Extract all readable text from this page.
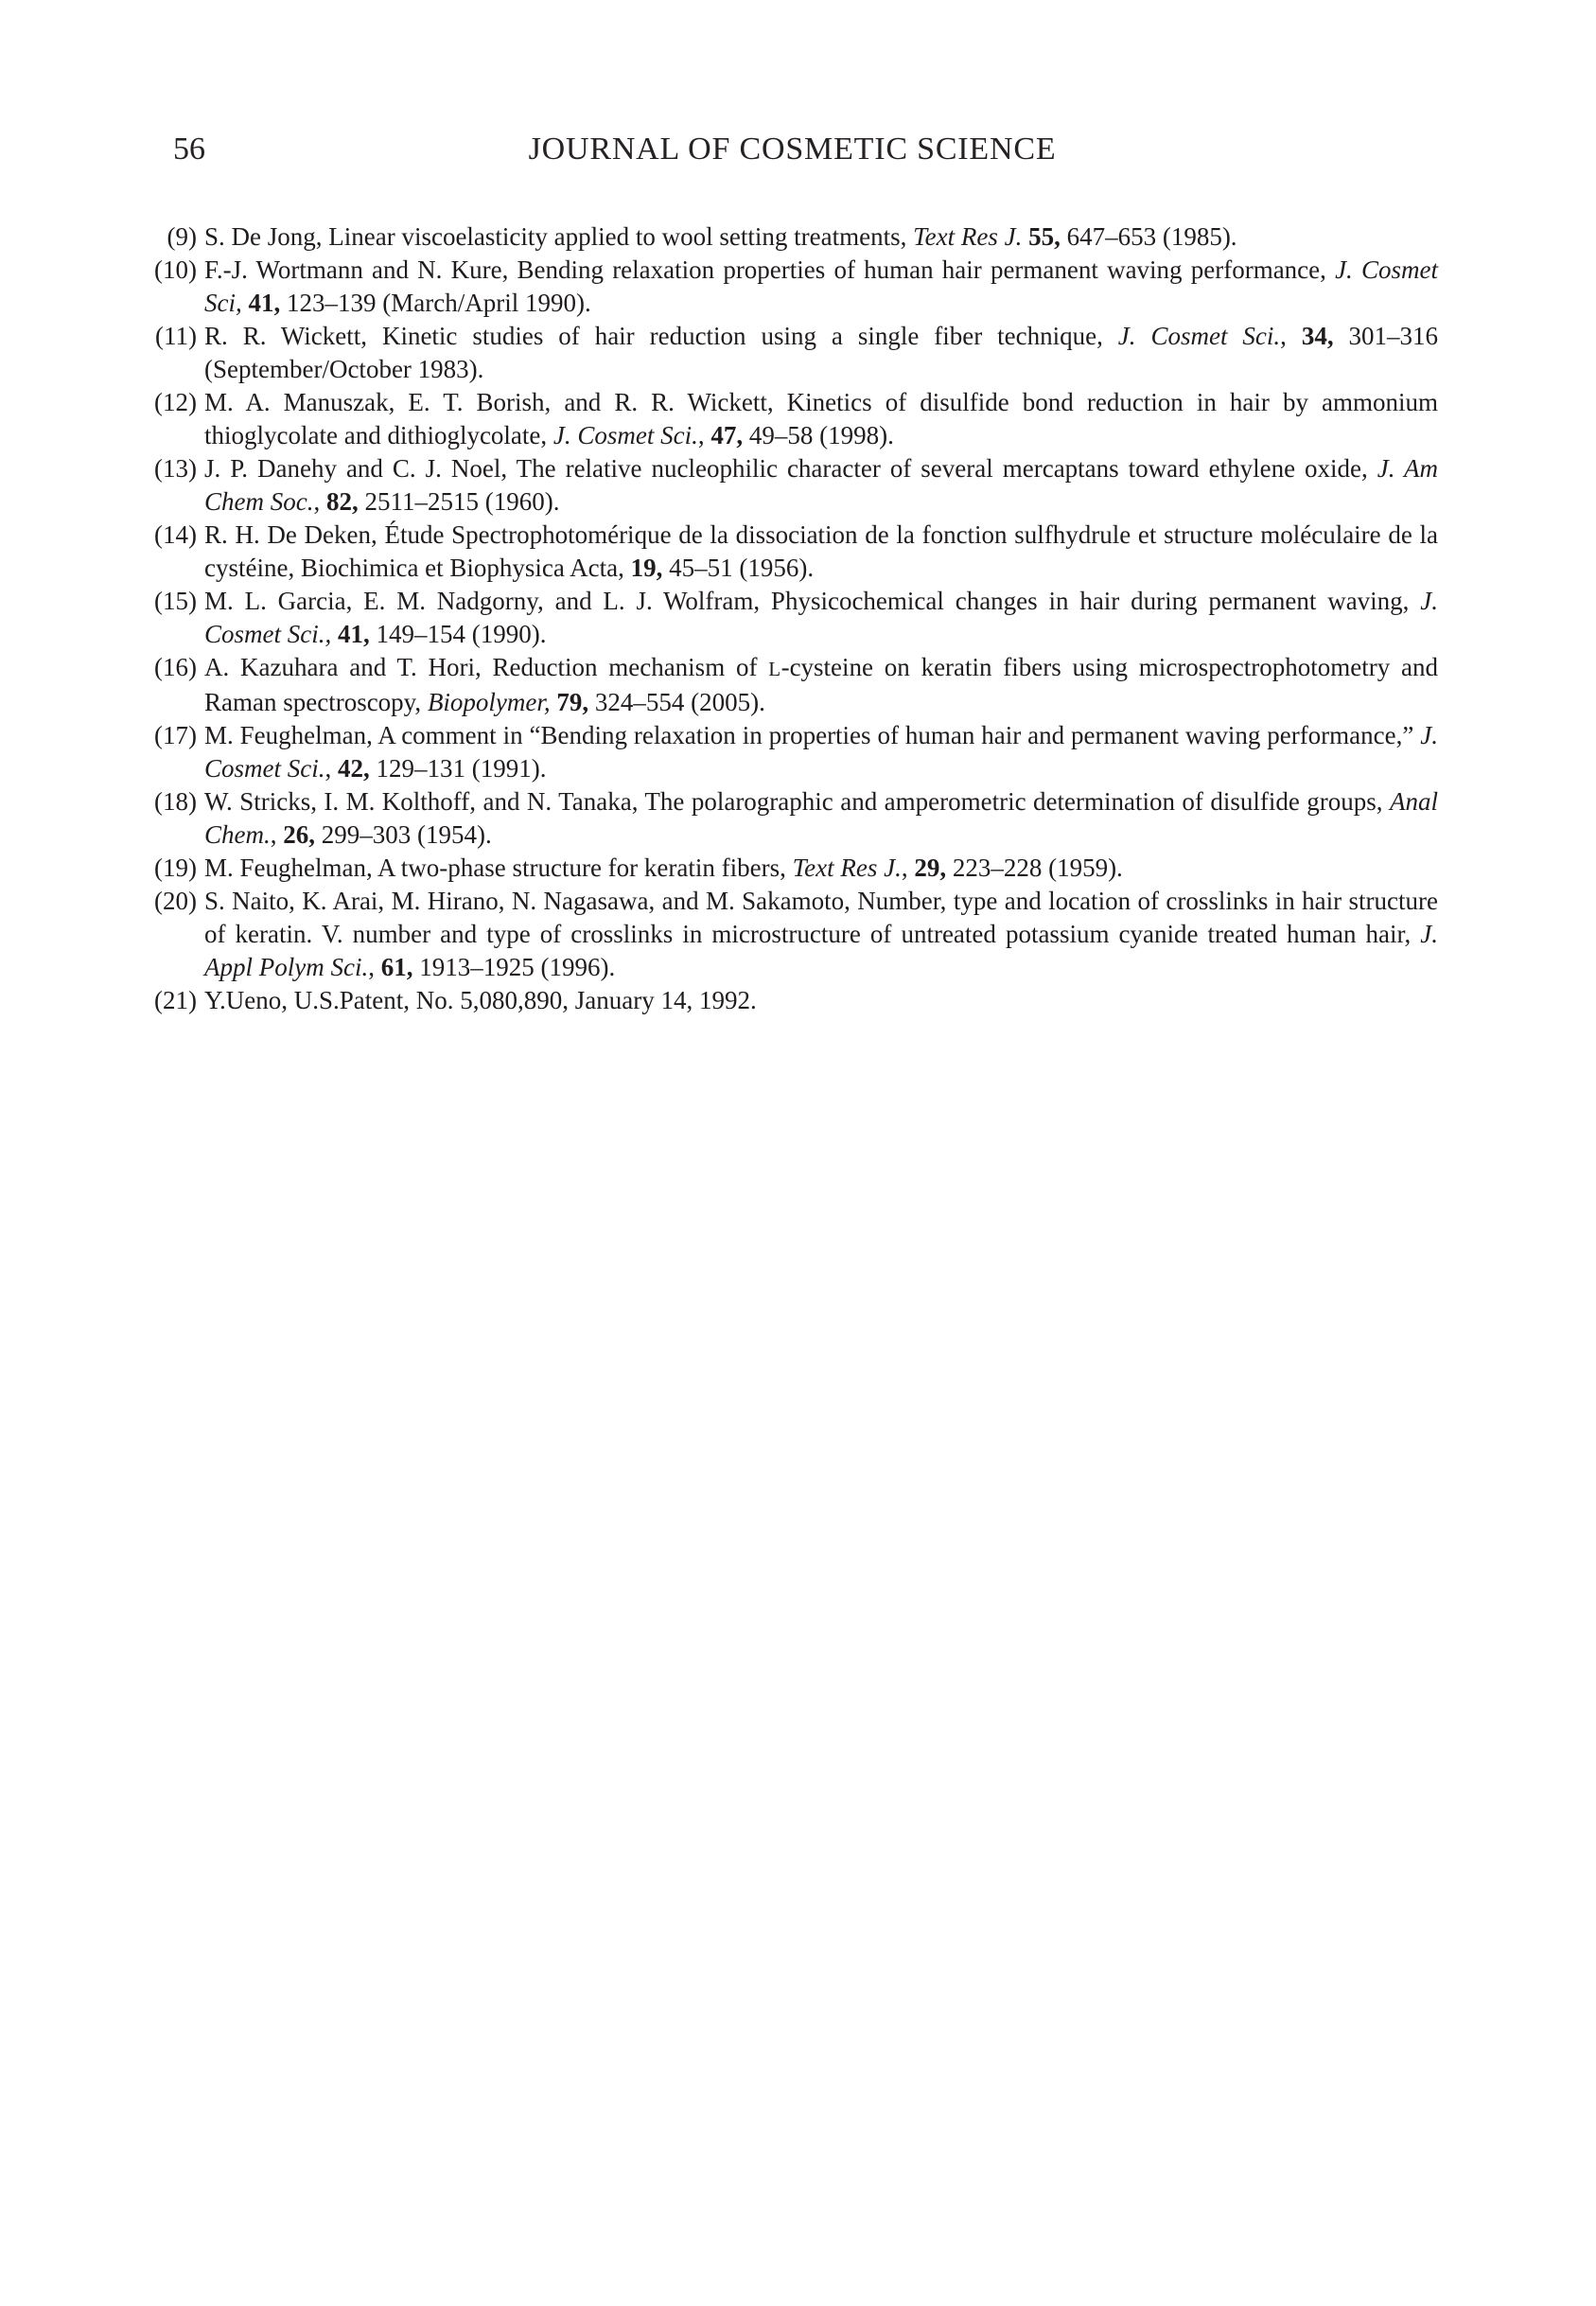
56	JOURNAL OF COSMETIC SCIENCE
(9) S. De Jong, Linear viscoelasticity applied to wool setting treatments, Text Res J. 55, 647–653 (1985).
(10) F.-J. Wortmann and N. Kure, Bending relaxation properties of human hair permanent waving performance, J. Cosmet Sci, 41, 123–139 (March/April 1990).
(11) R. R. Wickett, Kinetic studies of hair reduction using a single fiber technique, J. Cosmet Sci., 34, 301–316 (September/October 1983).
(12) M. A. Manuszak, E. T. Borish, and R. R. Wickett, Kinetics of disulfide bond reduction in hair by ammonium thioglycolate and dithioglycolate, J. Cosmet Sci., 47, 49–58 (1998).
(13) J. P. Danehy and C. J. Noel, The relative nucleophilic character of several mercaptans toward ethylene oxide, J. Am Chem Soc., 82, 2511–2515 (1960).
(14) R. H. De Deken, Étude Spectrophotomérique de la dissociation de la fonction sulfhydrule et structure moléculaire de la cystéine, Biochimica et Biophysica Acta, 19, 45–51 (1956).
(15) M. L. Garcia, E. M. Nadgorny, and L. J. Wolfram, Physicochemical changes in hair during permanent waving, J. Cosmet Sci., 41, 149–154 (1990).
(16) A. Kazuhara and T. Hori, Reduction mechanism of L-cysteine on keratin fibers using microspectrophotometry and Raman spectroscopy, Biopolymer, 79, 324–554 (2005).
(17) M. Feughelman, A comment in “Bending relaxation in properties of human hair and permanent waving performance,” J. Cosmet Sci., 42, 129–131 (1991).
(18) W. Stricks, I. M. Kolthoff, and N. Tanaka, The polarographic and amperometric determination of disulfide groups, Anal Chem., 26, 299–303 (1954).
(19) M. Feughelman, A two-phase structure for keratin fibers, Text Res J., 29, 223–228 (1959).
(20) S. Naito, K. Arai, M. Hirano, N. Nagasawa, and M. Sakamoto, Number, type and location of crosslinks in hair structure of keratin. V. number and type of crosslinks in microstructure of untreated potassium cyanide treated human hair, J. Appl Polym Sci., 61, 1913–1925 (1996).
(21) Y.Ueno, U.S.Patent, No. 5,080,890, January 14, 1992.
